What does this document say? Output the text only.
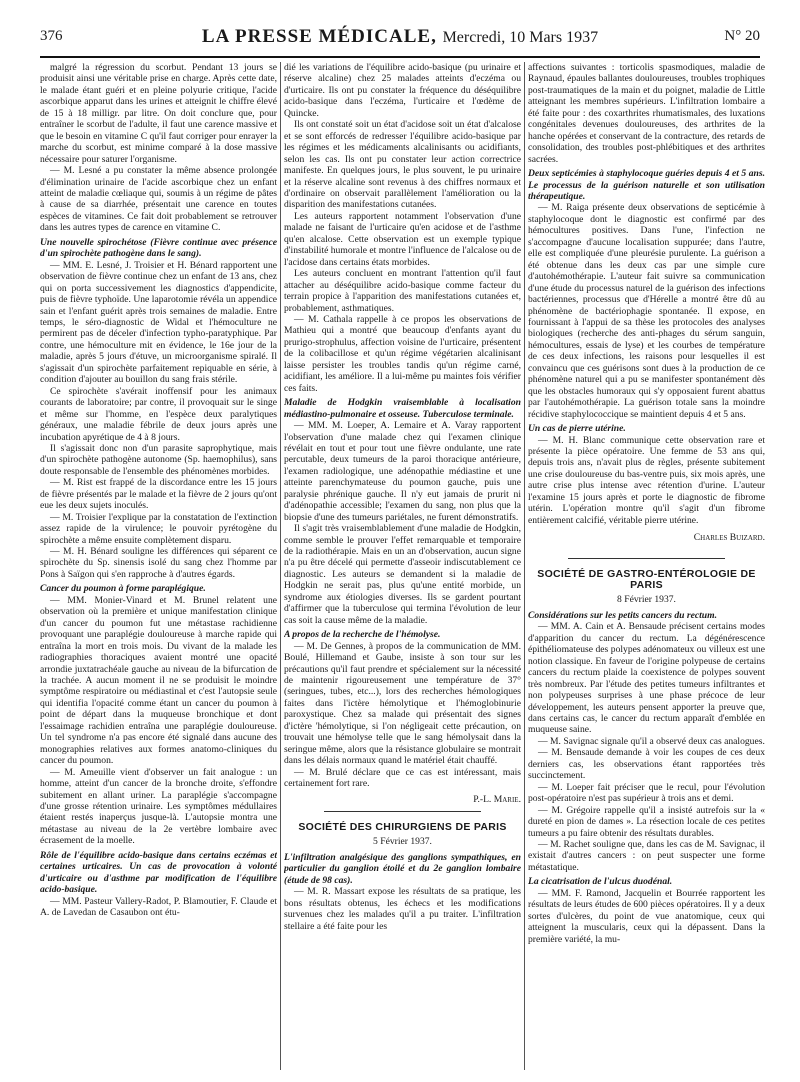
376	LA PRESSE MÉDICALE, Mercredi, 10 Mars 1937	N° 20

malgré la régression du scorbut. Pendant 13 jours se produisit ainsi une véritable prise en charge. Après cette date, le malade étant guéri et en pleine polyurie critique, l'acide ascorbique apparut dans les urines et atteignit le chiffre élevé de 15 à 18 milligr. par litre. On doit conclure que, pour entraîner le scorbut de l'adulte, il faut une carence massive et que le besoin en vitamine C qu'il faut corriger pour enrayer la marche du scorbut, est minime comparé à la dose massive nécessaire pour saturer l'organisme.

— M. Lesné a pu constater la même absence prolongée d'élimination urinaire de l'acide ascorbique chez un enfant atteint de maladie cœliaque qui, soumis à un régime de pâtes à cause de sa diarrhée, présentait une carence en toutes espèces de vitamines. Ce fait doit probablement se retrouver dans les autres types de carence en vitamine C.

Une nouvelle spirochétose (Fièvre continue avec présence d'un spirochète pathogène dans le sang).

— MM. E. Lesné, J. Troisier et H. Bénard rapportent une observation de fièvre continue chez un enfant de 13 ans, chez qui on porta successivement les diagnostics d'appendicite, puis de fièvre typhoïde. Une laparotomie révéla un appendice sain et l'enfant guérit après trois semaines de maladie. Entre temps, le séro-diagnostic de Widal et l'hémoculture ne permirent pas de déceler d'infection typho-paratyphique. Par contre, une hémoculture mit en évidence, le 16e jour de la maladie, après 5 jours d'étuve, un microorganisme spiralé. Il s'agissait d'un spirochète parfaitement repiquable en série, à condition d'ajouter au bouillon du sang frais stérile.

Ce spirochète s'avérait inoffensif pour les animaux courants de laboratoire; par contre, il provoquait sur le singe et même sur l'homme, en l'espèce deux paralytiques généraux, une maladie fébrile de deux jours après une incubation apyrétique de 4 à 8 jours.

Il s'agissait donc non d'un parasite saprophytique, mais d'un spirochète pathogène autonome (Sp. haemophilus), sans doute responsable de l'ensemble des phénomènes morbides.

— M. Rist est frappé de la discordance entre les 15 jours de fièvre présentés par le malade et la fièvre de 2 jours qu'ont eue les deux sujets inoculés.

— M. Troisier l'explique par la constatation de l'extinction assez rapide de la virulence; le pouvoir pyrétogène du spirochète a même ensuite complètement disparu.

— M. H. Bénard souligne les différences qui séparent ce spirochète du Sp. sinensis isolé du sang chez l'homme par Pons à Saïgon qui s'en rapproche à d'autres égards.

Cancer du poumon à forme paraplégique.

— MM. Monier-Vinard et M. Brunel relatent une observation où la première et unique manifestation clinique d'un cancer du poumon fut une métastase rachidienne provoquant une paraplégie douloureuse à marche rapide qui entraîna la mort en trois mois. Du vivant de la malade les radiographies thoraciques avaient montré une opacité arrondie juxtatrachéale gauche au niveau de la bifurcation de la trachée. A aucun moment il ne se produisit le moindre symptôme respiratoire ou médiastinal et c'est l'autopsie seule qui identifia l'opacité comme étant un cancer du poumon à point de départ dans la muqueuse bronchique et dont l'essaimage rachidien entraîna une paraplégie douloureuse. Un tel syndrome n'a pas encore été signalé dans aucune des monographies relatives aux formes anatomo-cliniques du cancer du poumon.

— M. Ameuille vient d'observer un fait analogue : un homme, atteint d'un cancer de la bronche droite, s'effondre subitement en allant uriner. La paraplégie s'accompagne d'une grosse rétention urinaire. Les symptômes médullaires étaient restés inaperçus jusque-là. L'autopsie montra une métastase au niveau de la 2e vertèbre lombaire avec écrasement de la moelle.

Rôle de l'équilibre acido-basique dans certains eczémas et certaines urticaires. Un cas de provocation à volonté d'urticaire ou d'asthme par modification de l'équilibre acido-basique.

— MM. Pasteur Vallery-Radot, P. Blamoutier, F. Claude et A. de Lavedan de Casaubon ont étu-

dié les variations de l'équilibre acido-basique (pu urinaire et réserve alcaline) chez 25 malades atteints d'eczéma ou d'urticaire. Ils ont pu constater la fréquence du déséquilibre acido-basique dans l'eczéma, l'urticaire et l'œdème de Quincke.

Ils ont constaté soit un état d'acidose soit un état d'alcalose et se sont efforcés de redresser l'équilibre acido-basique par les régimes et les médicaments alcalinisants ou acidifiants, selon les cas. Ils ont pu constater leur action correctrice manifeste. En quelques jours, le plus souvent, le pu urinaire et la réserve alcaline sont revenus à des chiffres normaux et d'ordinaire on observait parallèlement l'amélioration ou la disparition des manifestations cutanées.

Les auteurs rapportent notamment l'observation d'une malade ne faisant de l'urticaire qu'en acidose et de l'asthme qu'en alcalose. Cette observation est un exemple typique d'instabilité humorale et montre l'influence de l'alcalose ou de l'acidose dans certains états morbides.

Les auteurs concluent en montrant l'attention qu'il faut attacher au déséquilibre acido-basique comme facteur du terrain propice à l'apparition des manifestations cutanées et, probablement, asthmatiques.

— M. Cathala rappelle à ce propos les observations de Mathieu qui a montré que beaucoup d'enfants ayant du prurigo-strophulus, affection voisine de l'urticaire, présentent de la colibacillose et qu'un régime végétarien alcalinisant laisse persister les troubles tandis qu'un régime carné, acidifiant, les améliore. Il a lui-même pu maintes fois vérifier ces faits.

Maladie de Hodgkin vraisemblable à localisation médiastino-pulmonaire et osseuse. Tuberculose terminale.

— MM. M. Loeper, A. Lemaire et A. Varay rapportent l'observation d'une malade chez qui l'examen clinique révélait en tout et pour tout une fièvre ondulante, une rate percutable, deux tumeurs de la paroi thoracique antérieure, l'examen radiologique, une adénopathie médiastine et une atteinte parenchymateuse du poumon gauche, puis une paralysie phrénique gauche. Il n'y eut jamais de prurit ni d'adénopathie accessible; l'examen du sang, non plus que la biopsie d'une des tumeurs pariétales, ne furent démonstratifs.

Il s'agit très vraisemblablement d'une maladie de Hodgkin, comme semble le prouver l'effet remarquable et temporaire de la radiothérapie. Mais en un an d'observation, aucun signe n'a pu être décelé qui permette d'asseoir indiscutablement ce diagnostic. Les auteurs se demandent si la maladie de Hodgkin ne serait pas, plus qu'une entité morbide, un syndrome aux étiologies diverses. Ils se gardent pourtant d'affirmer que la tuberculose qui termina l'évolution de leur cas soit la cause même de la maladie.

A propos de la recherche de l'hémolyse.

— M. De Gennes, à propos de la communication de MM. Boulé, Hillemand et Gaube, insiste à son tour sur les précautions qu'il faut prendre et spécialement sur la nécessité de maintenir rigoureusement une température de 37° (seringues, tubes, etc...), lors des recherches hémologiques faites dans l'ictère hémolytique et l'hémoglobinurie paroxystique. Chez sa malade qui présentait des signes d'ictère 'hémolytique, si l'on négligeait cette précaution, on trouvait une hémolyse telle que le sang hémolysait dans la seringue même, alors que la résistance globulaire se montrait dans les délais normaux quand le matériel était chauffé.

— M. Brulé déclare que ce cas est intéressant, mais certainement fort rare.

P.-L. Marie.

SOCIÉTÉ DES CHIRURGIENS DE PARIS
5 Février 1937.

L'infiltration analgésique des ganglions sympathiques, en particulier du ganglion étoilé et du 2e ganglion lombaire (étude de 98 cas).

— M. R. Massart expose les résultats de sa pratique, les bons résultats obtenus, les échecs et les modifications survenues chez les malades qu'il a pu traiter. L'infiltration stellaire a été faite pour les

affections suivantes : torticolis spasmodiques, maladie de Raynaud, épaules ballantes douloureuses, troubles trophiques post-traumatiques de la main et du poignet, maladie de Little atteignant les membres supérieurs. L'infiltration lombaire a été faite pour : des coxarthrites rhumatismales, des luxations congénitales devenues douloureuses, des arthrites de la hanche opérées et conservant de la contracture, des retards de consolidation, des troubles post-phlébitiques et des arthrites sacrées.

Deux septicémies à staphylocoque guéries depuis 4 et 5 ans. Le processus de la guérison naturelle et son utilisation thérapeutique.

— M. Raiga présente deux observations de septicémie à staphylocoque dont le diagnostic est confirmé par des hémocultures positives. Dans l'une, l'infection ne s'accompagne d'aucune localisation suppurée; dans l'autre, elle est compliquée d'une pleurésie purulente. La guérison a été obtenue dans les deux cas par une simple cure d'autohémothérapie. L'auteur fait suivre sa communication d'une étude du processus naturel de la guérison des infections bactériennes, processus que d'Hérelle a montré être dû au phénomène de bactériophagie spontanée. Il expose, en fournissant à l'appui de sa thèse les protocoles des analyses biologiques (recherche des anti-phages du sérum sanguin, hémocultures, essais de lyse) et les courbes de température de ces deux infections, les raisons pour lesquelles il est convaincu que ces guérisons sont dues à la production de ce phénomène naturel qui a pu se manifester spontanément dès que les obstacles humoraux qui s'y opposaient furent abattus par l'autohémothérapie. La guérison totale sans la moindre récidive staphylococcique se maintient depuis 4 et 5 ans.

Un cas de pierre utérine.

— M. H. Blanc communique cette observation rare et présente la pièce opératoire. Une femme de 53 ans qui, depuis trois ans, n'avait plus de règles, présente subitement une crise douloureuse du bas-ventre puis, six mois après, une autre crise plus intense avec rétention d'urine. L'auteur l'examine 15 jours après et porte le diagnostic de fibrome utérin. L'opération montre qu'il s'agit d'un fibrome entièrement calcifié, véritable pierre utérine.

Charles Buizard.

SOCIÉTÉ DE GASTRO-ENTÉROLOGIE DE PARIS
8 Février 1937.

Considérations sur les petits cancers du rectum.

— MM. A. Cain et A. Bensaude précisent certains modes d'apparition du cancer du rectum. La dégénérescence épithéliomateuse des polypes adénomateux ou villeux est une notion classique. En faveur de l'origine polypeuse de certains cancers du rectum plaide la coexistence de polypes souvent très nombreux. Par l'étude des petites tumeurs infiltrantes et non polypeuses surprises à une phase précoce de leur développement, les auteurs pensent apporter la preuve que, dans certains cas, le cancer du rectum apparaît d'emblée en muqueuse saine.

— M. Savignac signale qu'il a observé deux cas analogues.

— M. Bensaude demande à voir les coupes de ces deux derniers cas, les observations étant rapportées très succinctement.

— M. Loeper fait préciser que le recul, pour l'évolution post-opératoire n'est pas supérieur à trois ans et demi.

— M. Grégoire rappelle qu'il a insisté autrefois sur la « dureté en pion de dames ». La résection locale de ces petites tumeurs a pu faire obtenir des résultats durables.

— M. Rachet souligne que, dans les cas de M. Savignac, il existait d'autres cancers : on peut suspecter une forme métastatique.

La cicatrisation de l'ulcus duodénal.

— MM. F. Ramond, Jacquelin et Bourrée rapportent les résultats de leurs études de 600 pièces opératoires. Il y a deux sortes d'ulcères, du point de vue anatomique, ceux qui atteignent la muscularis, ceux qui la dépassent. Dans la première variété, la mu-
